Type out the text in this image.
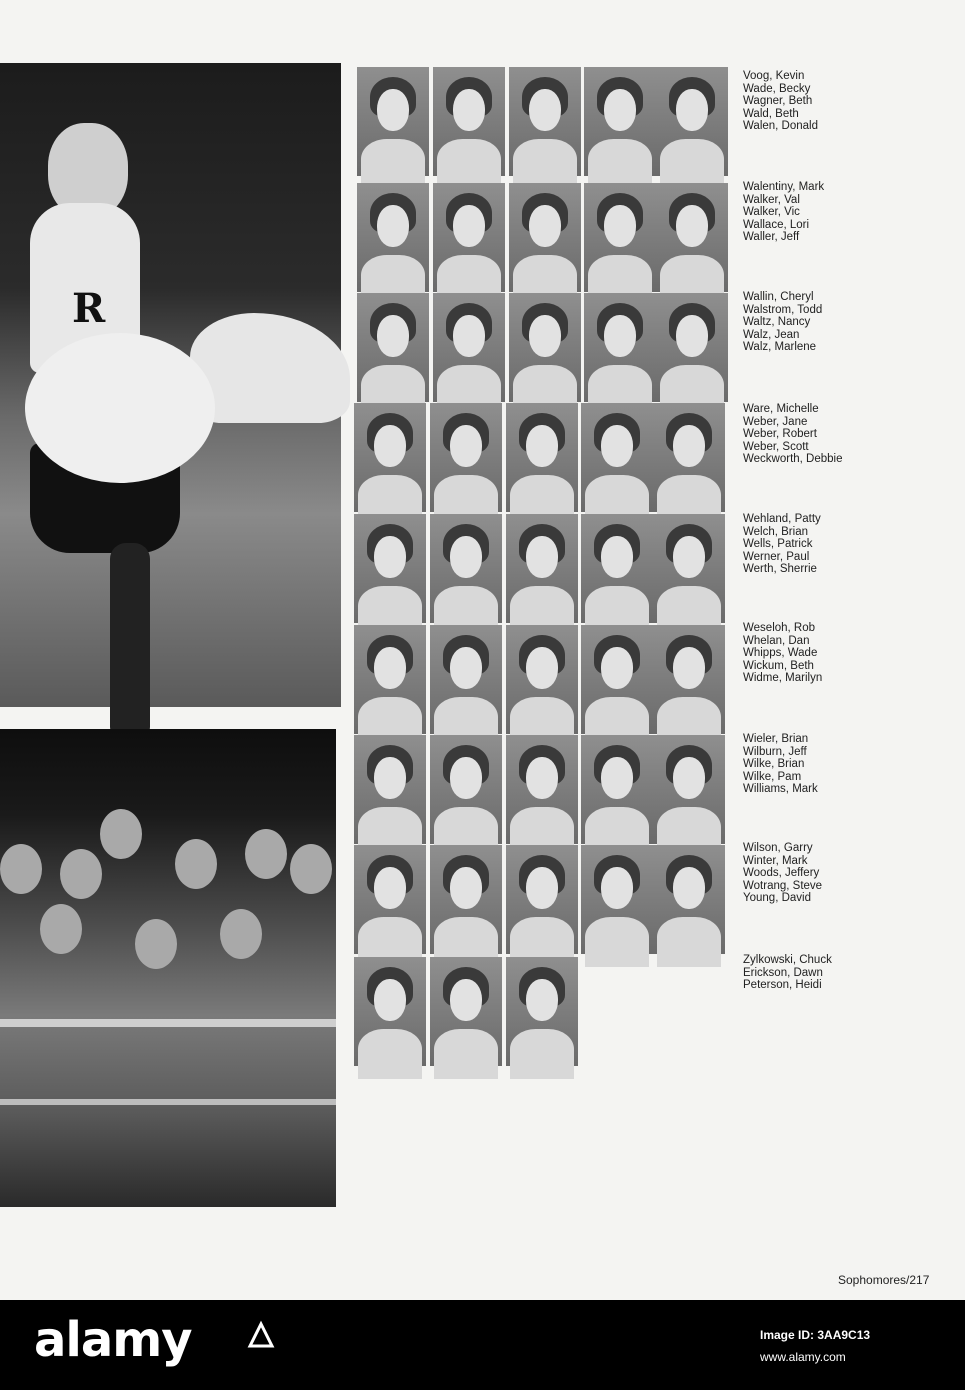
R
Voog, Kevin
Wade, Becky
Wagner, Beth
Wald, Beth
Walen, Donald
Walentiny, Mark
Walker, Val
Walker, Vic
Wallace, Lori
Waller, Jeff
Wallin, Cheryl
Walstrom, Todd
Waltz, Nancy
Walz, Jean
Walz, Marlene
Ware, Michelle
Weber, Jane
Weber, Robert
Weber, Scott
Weckworth, Debbie
Wehland, Patty
Welch, Brian
Wells, Patrick
Werner, Paul
Werth, Sherrie
Weseloh, Rob
Whelan, Dan
Whipps, Wade
Wickum, Beth
Widme, Marilyn
Wieler, Brian
Wilburn, Jeff
Wilke, Brian
Wilke, Pam
Williams, Mark
Wilson, Garry
Winter, Mark
Woods, Jeffery
Wotrang, Steve
Young, David
Zylkowski, Chuck
Erickson, Dawn
Peterson, Heidi
Sophomores/217
alamy	Image ID: 3AA9C13
www.alamy.com
